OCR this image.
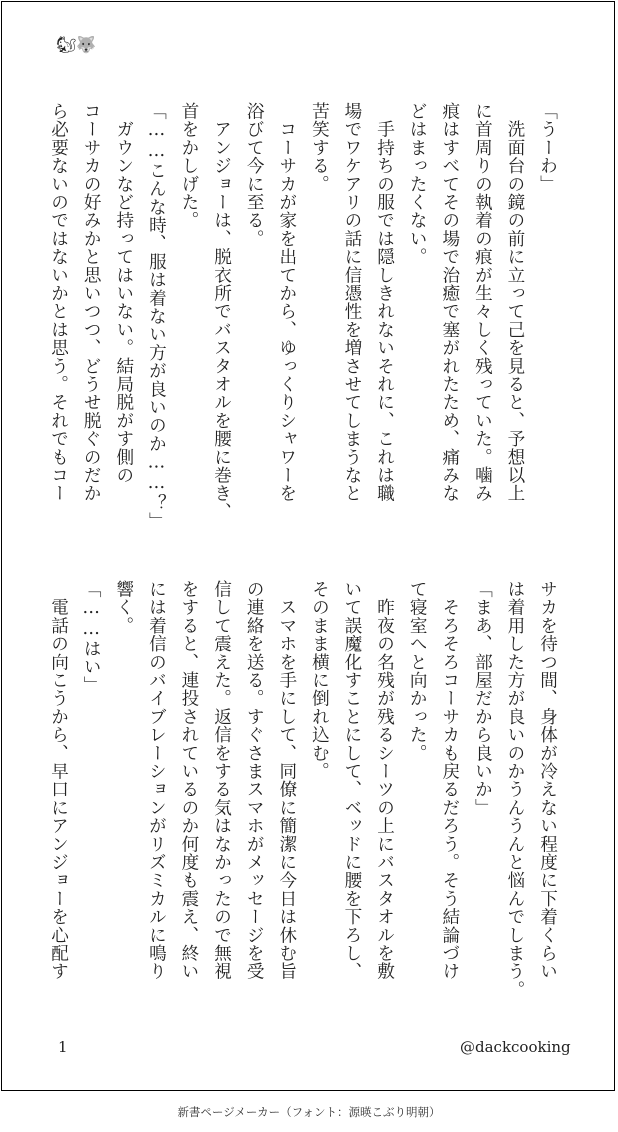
🐿🐺
「うーわ」
　洗面台の鏡の前に立って己を見ると、予想以上
に首周りの執着の痕が生々しく残っていた。噛み
痕はすべてその場で治癒で塞がれたため、痛みな
どはまったくない。
　手持ちの服では隠しきれないそれに、これは職
場でワケアリの話に信憑性を増させてしまうなと
苦笑する。
　コーサカが家を出てから、ゆっくりシャワーを
浴びて今に至る。
　アンジョーは、脱衣所でバスタオルを腰に巻き、
首をかしげた。
「……こんな時、服は着ない方が良いのか……？」
　ガウンなど持ってはいない。結局脱がす側の
コーサカの好みかと思いつつ、どうせ脱ぐのだか
ら必要ないのではないかとは思う。それでもコー
サカを待つ間、身体が冷えない程度に下着くらい
は着用した方が良いのかうんうんと悩んでしまう。
「まあ、部屋だから良いか」
　そろそろコーサカも戻るだろう。そう結論づけ
て寝室へと向かった。
　昨夜の名残が残るシーツの上にバスタオルを敷
いて誤魔化すことにして、ベッドに腰を下ろし、
そのまま横に倒れ込む。
　スマホを手にして、同僚に簡潔に今日は休む旨
の連絡を送る。すぐさまスマホがメッセージを受
信して震えた。返信をする気はなかったので無視
をすると、連投されているのか何度も震え、終い
には着信のバイブレーションがリズミカルに鳴り
響く。
「……はい」
　電話の向こうから、早口にアンジョーを心配す
1	@dackcooking
新書ページメーカー（フォント：源暎こぶり明朝）
